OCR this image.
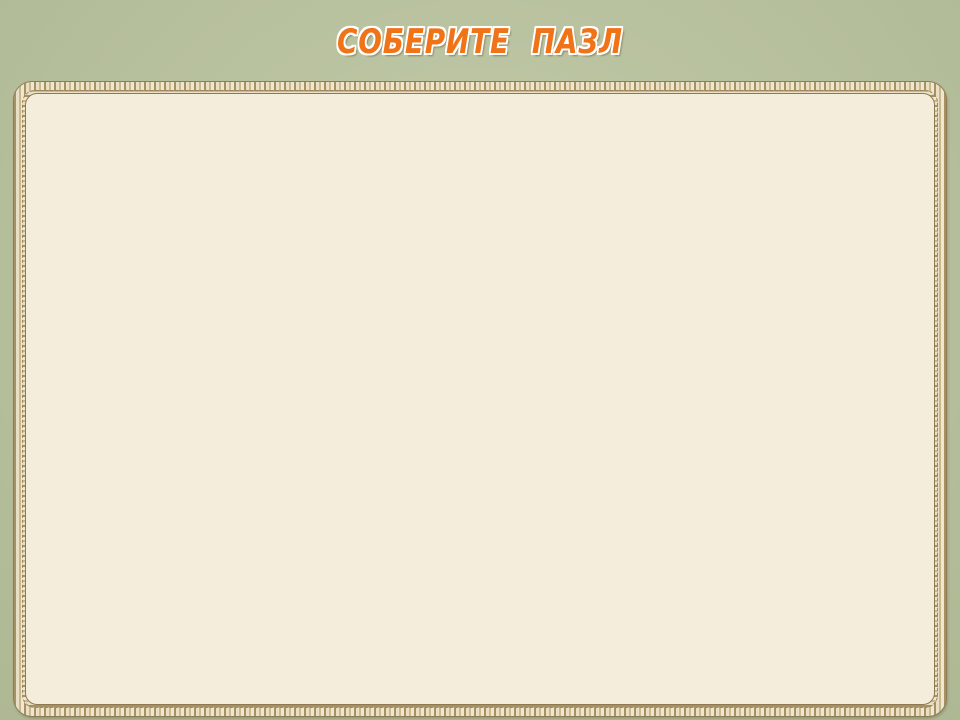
СОБЕРИТЕ ПАЗЛ
